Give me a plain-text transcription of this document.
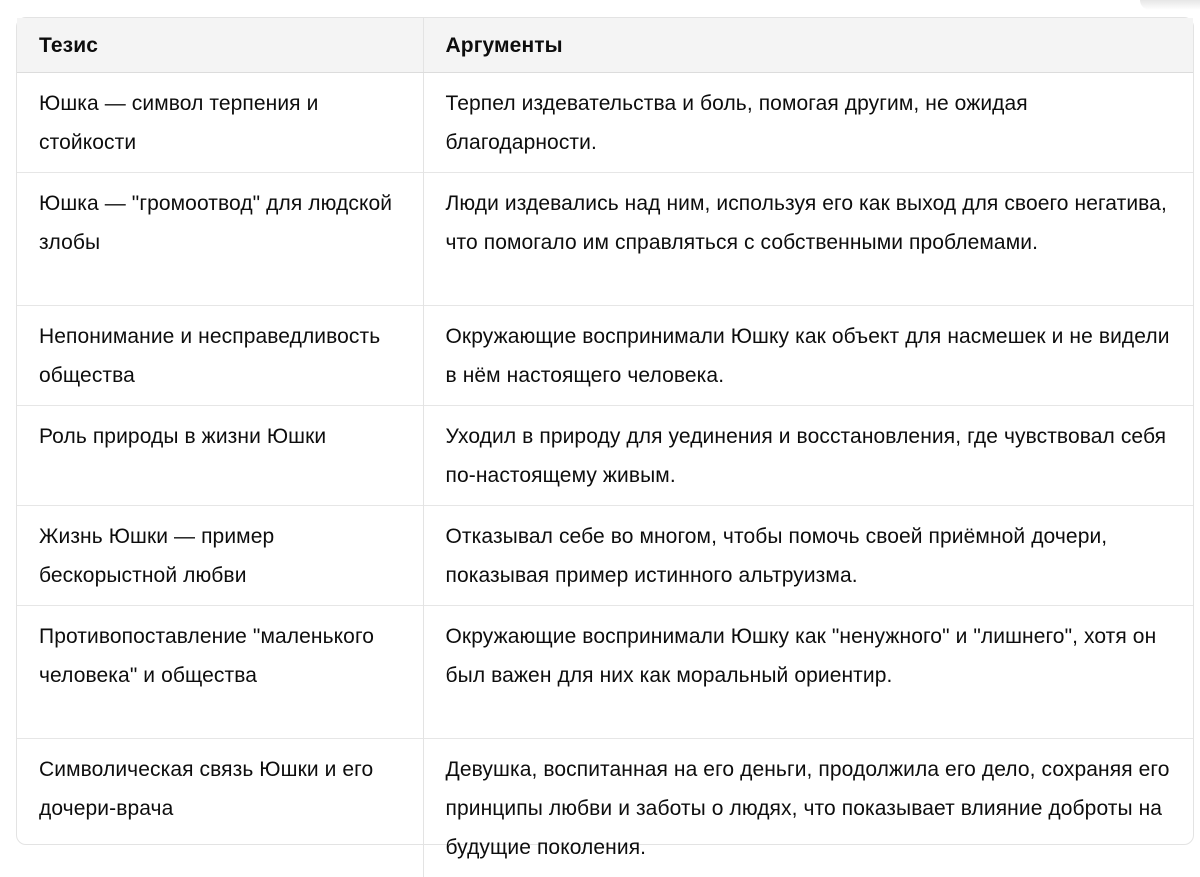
Тезис	Аргументы
Юшка — символ терпения и стойкости	Терпел издевательства и боль, помогая другим, не ожидая благодарности.
Юшка — "громоотвод" для людской злобы	Люди издевались над ним, используя его как выход для своего негатива, что помогало им справляться с собственными проблемами.
Непонимание и несправедливость общества	Окружающие воспринимали Юшку как объект для насмешек и не видели в нём настоящего человека.
Роль природы в жизни Юшки	Уходил в природу для уединения и восстановления, где чувствовал себя по-настоящему живым.
Жизнь Юшки — пример бескорыстной любви	Отказывал себе во многом, чтобы помочь своей приёмной дочери, показывая пример истинного альтруизма.
Противопоставление "маленького человека" и общества	Окружающие воспринимали Юшку как "ненужного" и "лишнего", хотя он был важен для них как моральный ориентир.
Символическая связь Юшки и его дочери-врача	Девушка, воспитанная на его деньги, продолжила его дело, сохраняя его принципы любви и заботы о людях, что показывает влияние доброты на будущие поколения.
